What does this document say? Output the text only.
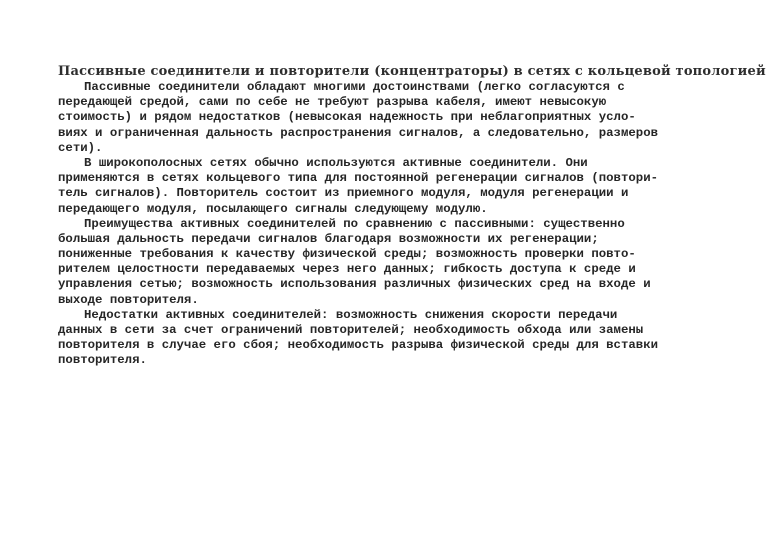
Пассивные соединители и повторители (концентраторы) в сетях с кольцевой топологией
Пассивные соединители обладают многими достоинствами (легко согласуются с
передающей средой, сами по себе не требуют разрыва кабеля, имеют невысокую
стоимость) и рядом недостатков (невысокая надежность при неблагоприятных усло-
виях и ограниченная дальность распространения сигналов, а следовательно, размеров
сети).
В широкополосных сетях обычно используются активные соединители. Они
применяются в сетях кольцевого типа для постоянной регенерации сигналов (повтори-
тель сигналов). Повторитель состоит из приемного модуля, модуля регенерации и
передающего модуля, посылающего сигналы следующему модулю.
Преимущества активных соединителей по сравнению с пассивными: существенно
большая дальность передачи сигналов благодаря возможности их регенерации;
пониженные требования к качеству физической среды; возможность проверки повто-
рителем целостности передаваемых через него данных; гибкость доступа к среде и
управления сетью; возможность использования различных физических сред на входе и
выходе повторителя.
Недостатки активных соединителей: возможность снижения скорости передачи
данных в сети за счет ограничений повторителей; необходимость обхода или замены
повторителя в случае его сбоя; необходимость разрыва физической среды для вставки
повторителя.
